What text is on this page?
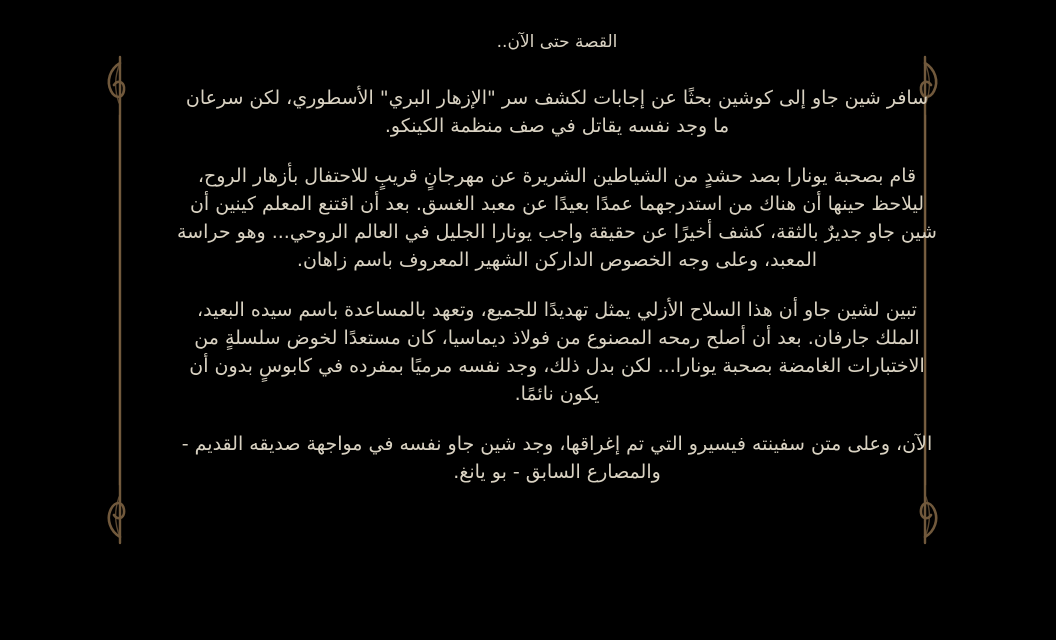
القصة حتى الآن..

سافر شين جاو إلى كوشين بحثًا عن إجابات لكشف سر "الإزهار البري" الأسطوري، لكن سرعان ما وجد نفسه يقاتل في صف منظمة الكينكو.

قام بصحبة يونارا بصد حشدٍ من الشياطين الشريرة عن مهرجانٍ قريبٍ للاحتفال بأزهار الروح، ليلاحظ حينها أن هناك من استدرجهما عمدًا بعيدًا عن معبد الغسق. بعد أن اقتنع المعلم كينين أن شين جاو جديرٌ بالثقة، كشف أخيرًا عن حقيقة واجب يونارا الجليل في العالم الروحي... وهو حراسة المعبد، وعلى وجه الخصوص الداركن الشهير المعروف باسم زاهان.

تبين لشين جاو أن هذا السلاح الأزلي يمثل تهديدًا للجميع، وتعهد بالمساعدة باسم سيده البعيد، الملك جارفان. بعد أن أصلح رمحه المصنوع من فولاذ ديماسيا، كان مستعدًا لخوض سلسلةٍ من الاختبارات الغامضة بصحبة يونارا... لكن بدل ذلك، وجد نفسه مرميًا بمفرده في كابوسٍ بدون أن يكون نائمًا.

الآن، وعلى متن سفينته فيسيرو التي تم إغراقها، وجد شين جاو نفسه في مواجهة صديقه القديم - والمصارع السابق - بو يانغ.
